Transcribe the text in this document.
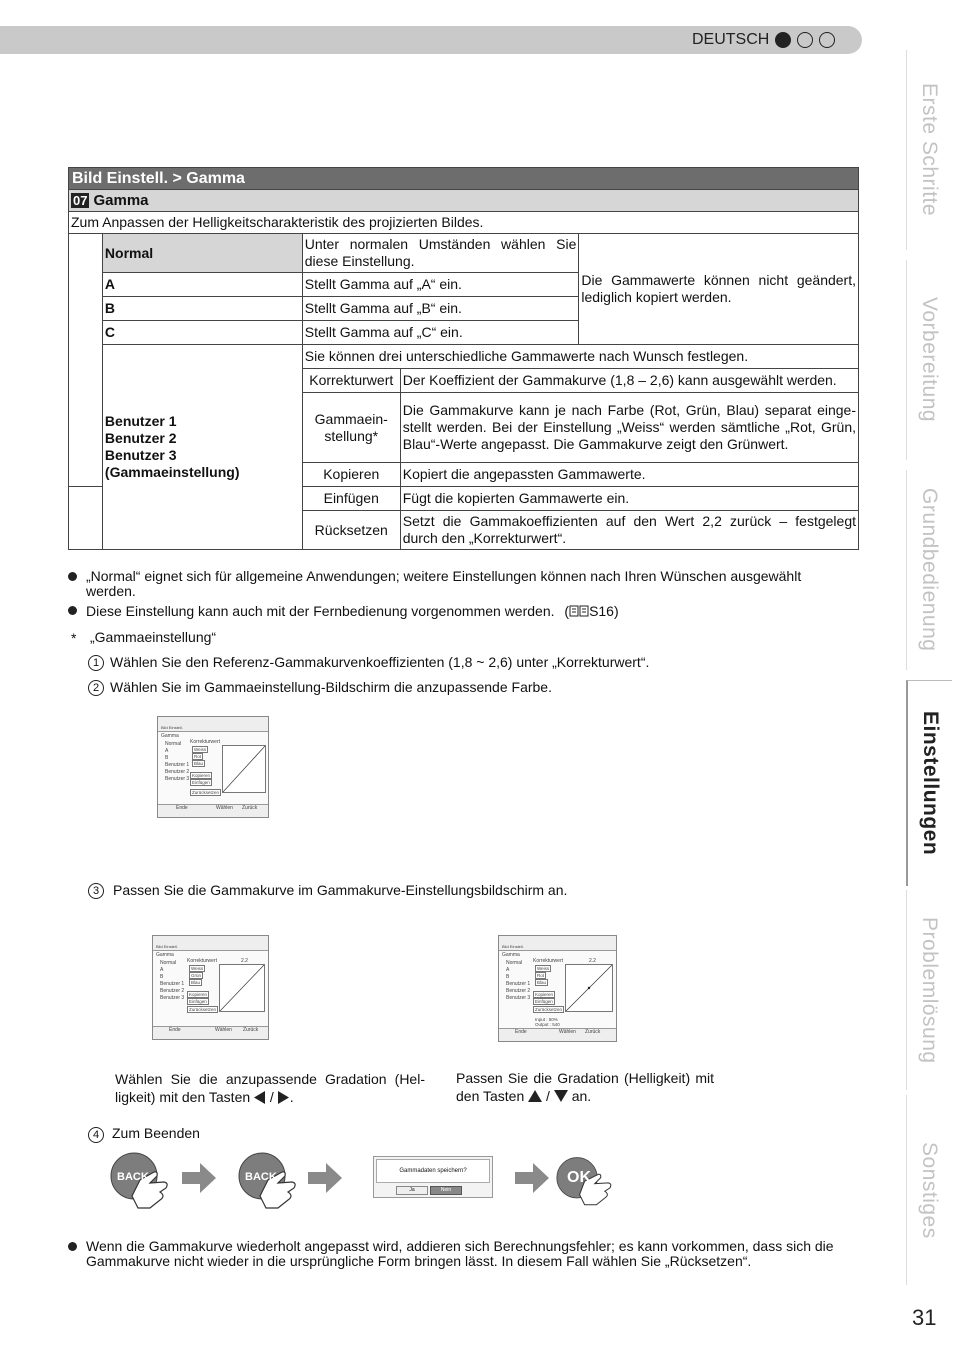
DEUTSCH
Erste Schritte
Vorbereitung
Grundbedienung
Einstellungen
Problemlösung
Sonstiges
31
Bild Einstell. > Gamma				
07 Gamma				
Zum Anpassen der Helligkeitscharakteristik des projizierten Bildes.				
	Normal	Unter normalen Umständen wählen Sie diese Einstellung.		Die Gammawerte können nicht geändert, lediglich kopiert werden.
	A	Stellt Gamma auf „A“ ein.		
	B	Stellt Gamma auf „B“ ein.		
	C	Stellt Gamma auf „C“ ein.		

	Benutzer 1
Benutzer 2
Benutzer 3
(Gammaeinstellung)	Sie können drei unterschiedliche Gammawerte nach Wunsch festlegen.		
		Korrekturwert	Der Koeffizient der Gammakurve (1,8 – 2,6) kann ausgewählt werden.	
		Gammaein-stellung*	Die Gammakurve kann je nach Farbe (Rot, Grün, Blau) separat einge-stellt werden. Bei der Einstellung „Weiss“ werden sämtliche „Rot, Grün, Blau“-Werte angepasst. Die Gammakurve zeigt den Grünwert.	
		Kopieren	Kopiert die angepassten Gammawerte.	
		Einfügen	Fügt die kopierten Gammawerte ein.	
		Rücksetzen	Setzt die Gammakoeffizienten auf den Wert 2,2 zurück – festgelegt durch den „Korrekturwert“.	
„Normal“ eignet sich für allgemeine Anwendungen; weitere Einstellungen können nach Ihren Wünschen ausgewählt werden.
Diese Einstellung kann auch mit der Fernbedienung vorgenommen werden. ( S16)
* „Gammaeinstellung“
1 Wählen Sie den Referenz-Gammakurvenkoeffizienten (1,8 ~ 2,6) unter „Korrekturwert“.
2 Wählen Sie im Gammaeinstellung-Bildschirm die anzupassende Farbe.
Bild Einstell.
Gamma
Normal
A
B
Benutzer 1
Benutzer 2
Benutzer 3
Korrekturwert
Weiss
Rot
Blau
Kopieren
Einfügen
Zurücksetzen
Ende	Wählen Zurück
3 Passen Sie die Gammakurve im Gammakurve-Einstellungsbildschirm an.
Bild Einstell.
Gamma
Normal
A
B
Benutzer 1
Benutzer 2
Benutzer 3
Korrekturwert	2.2
Weiss
Grün
Blau
Kopieren
Einfügen
Zurücksetzen
Ende	Wählen Zurück
Bild Einstell.
Gamma
Normal
A
B
Benutzer 1
Benutzer 2
Benutzer 3
Korrekturwert	2.2
Weiss
Rot
Blau
Kopieren
Einfügen
Zurücksetzen
Input : 50% Output : 540
Ende	Wählen Zurück
Wählen Sie die anzupassende Gradation (Hel-ligkeit) mit den Tasten / .
Passen Sie die Gradation (Helligkeit) mit den Tasten / an.
4 Zum Beenden
BACK	BACK	Gammadaten speichern?
Ja	Nein
OK
Wenn die Gammakurve wiederholt angepasst wird, addieren sich Berechnungsfehler; es kann vorkommen, dass sich die Gammakurve nicht wieder in die ursprüngliche Form bringen lässt. In diesem Fall wählen Sie „Rücksetzen“.
